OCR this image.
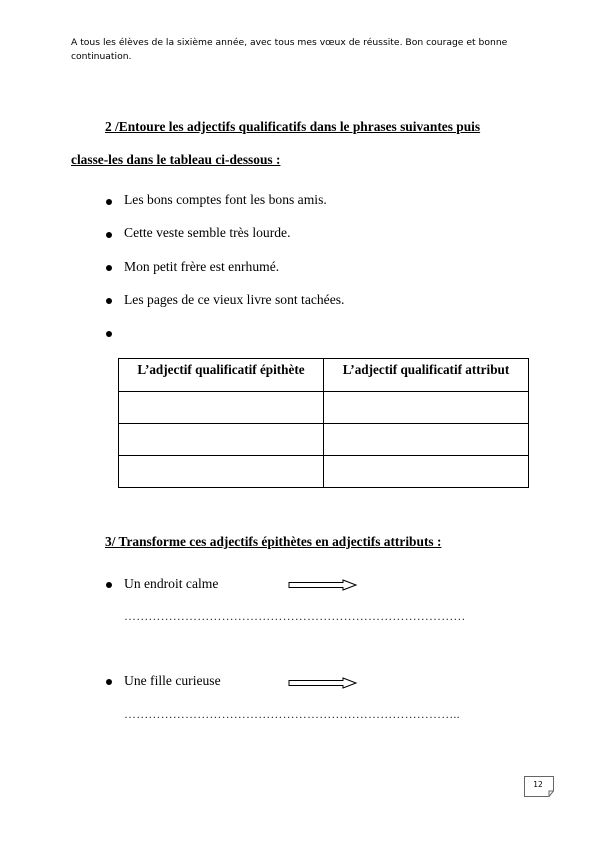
A tous les élèves de la sixième année, avec tous mes vœux de réussite. Bon courage et bonne continuation.
2 /Entoure les adjectifs qualificatifs dans le phrases suivantes puis
classe-les dans le tableau ci-dessous :
Les bons comptes font les bons amis.
Cette veste semble très lourde.
Mon petit frère est enrhumé.
Les pages de ce vieux livre sont tachées.
L’adjectif qualificatif épithète	L’adjectif qualificatif attribut

3/ Transforme ces adjectifs épithètes en adjectifs attributs :
Un endroit calme
…………………………………………………………………………
Une fille curieuse
………………………………………………………………………..
12
